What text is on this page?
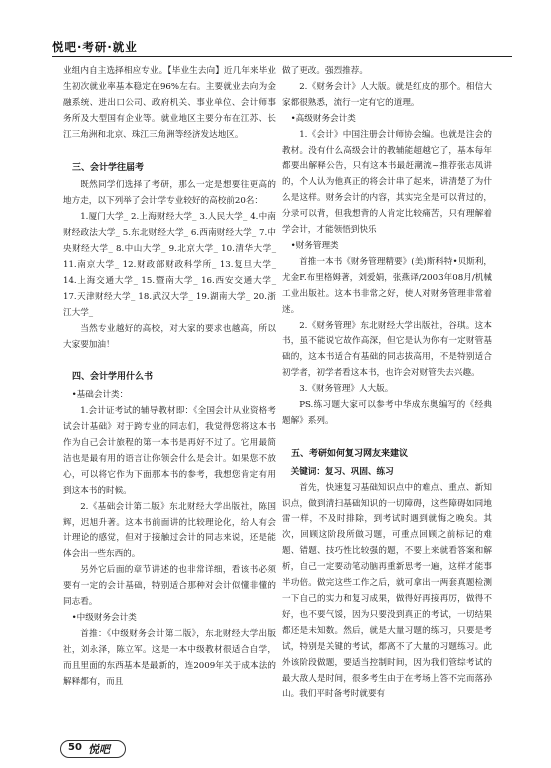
悦吧·考研·就业

业组内自主选择相应专业。【毕业生去向】近几年来毕业生初次就业率基本稳定在96%左右。主要就业去向为金融系统、进出口公司、政府机关、事业单位、会计师事务所及大型国有企业等。就业地区主要分布在江苏、长江三角洲和北京、珠江三角洲等经济发达地区。

三、会计学往届考

既然同学们选择了考研，那么一定是想要往更高的地方走，以下列举了会计学专业较好的高校前20名：

1.厦门大学_ 2.上海财经大学_ 3.人民大学_ 4.中南财经政法大学_ 5.东北财经大学_ 6.西南财经大学_ 7.中央财经大学_ 8.中山大学_ 9.北京大学_ 10.清华大学_ 11.南京大学_ 12.财政部财政科学所_ 13.复旦大学_ 14.上海交通大学_ 15.暨南大学_ 16.西安交通大学_ 17.天津财经大学_ 18.武汉大学_ 19.湖南大学_ 20.浙江大学_

当然专业越好的高校，对大家的要求也越高，所以大家要加油！

四、会计学用什么书

•基础会计类：

1.会计证考试的辅导教材即：《全国会计从业资格考试会计基础》对于跨专业的同志们，我觉得您将这本书作为自己会计旅程的第一本书是再好不过了。它用最简洁也是最有用的语言让你领会什么是会计。如果您不放心，可以将它作为下面那本书的参考，我想您肯定有用到这本书的时候。

2.《基础会计第二版》东北财经大学出版社，陈国辉，迟旭升著。这本书前面讲的比较理论化，给人有会计理论的感觉，但对于接触过会计的同志来说，还是能体会出一些东西的。

另外它后面的章节讲述的也非常详细，看该书必须要有一定的会计基础，特别适合那种对会计似懂非懂的同志看。

•中级财务会计类

首推：《中级财务会计第二版》，东北财经大学出版社，刘永泽，陈立军。这是一本中级教材很适合自学，而且里面的东西基本是最新的，连2009年关于成本法的解释都有，而且

做了更改。强烈推荐。

2.《财务会计》人大版。就是红皮的那个。相信大家都很熟悉，流行一定有它的道理。

•高级财务会计类

1.《会计》中国注册会计师协会编。也就是注会的教材。没有什么高级会计的教辅能超越它了，基本每年都要出解释公告，只有这本书最赶潮流~推荐张志凤讲的，个人认为他真正的将会计串了起来，讲清楚了为什么是这样。财务会计的内容，其实完全是可以背过的，分录可以背，但我想背的人肯定比较痛苦，只有理解着学会计，才能领悟到快乐

•财务管理类

首推一本书《财务管理精要》(美)斯科特•贝斯利，尤金F.布里格姆著，刘爱娟，张燕译/2003年08月/机械工业出版社。这本书非常之好，使人对财务管理非常着迷。

2.《财务管理》东北财经大学出版社，谷琪。这本书，虽不能说它故作高深，但它是认为你有一定财管基础的，这本书适合有基础的同志拔高用，不是特别适合初学者，初学者看这本书，也许会对财管失去兴趣。

3.《财务管理》人大版。

PS.练习题大家可以参考中华成东奥编写的《经典题解》系列。

五、考研如何复习网友来建议
关键词：复习、巩固、练习

首先，快速复习基础知识点中的难点、重点、新知识点，做到清扫基础知识的一切障碍，这些障碍如同地雷一样，不及时排除，到考试时遇到就悔之晚矣。其次，回顾这阶段所做习题，可重点回顾之前标记的难题、错题、技巧性比较强的题，不要上来就看答案和解析，自己一定要动笔动脑再重新思考一遍，这样才能事半功倍。做完这些工作之后，就可拿出一两套真题检测一下自己的实力和复习成果，做得好再接再厉，做得不好，也不要气馁，因为只要没到真正的考试，一切结果都还是未知数。然后，就是大量习题的练习，只要是考试，特别是关键的考试，都离不了大量的习题练习。此外该阶段做题，要适当控制时间，因为我们管综考试的最大敌人是时间，很多考生由于在考场上答不完而落孙山。我们平时备考时就要有

50 悦吧
